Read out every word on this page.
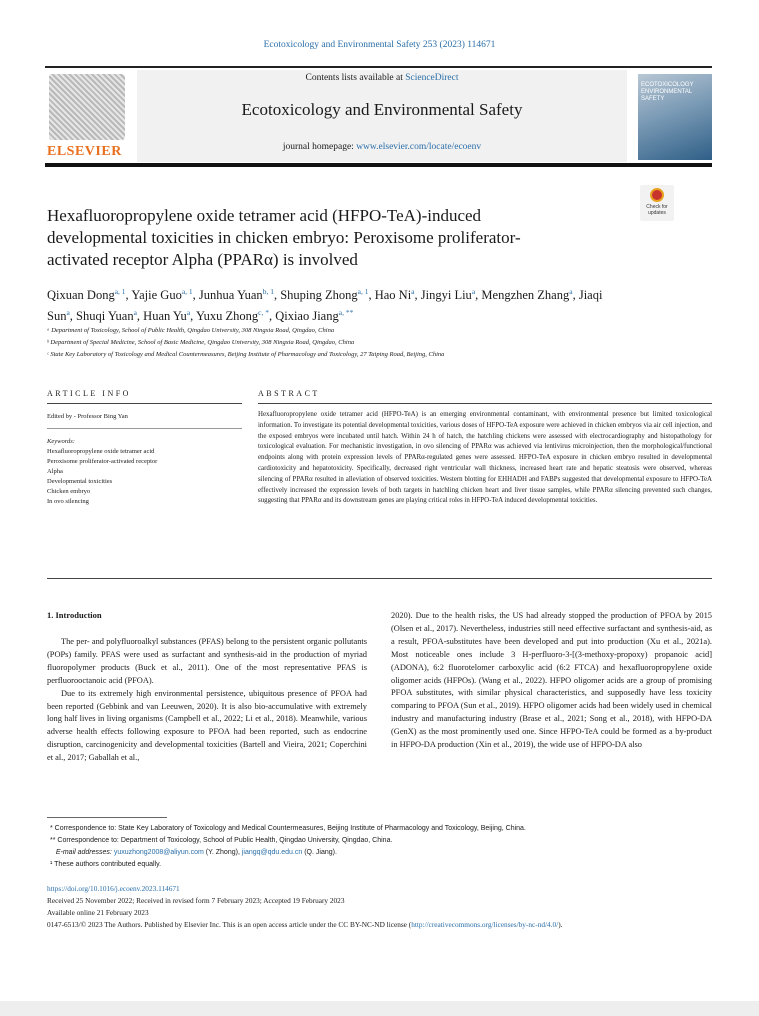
Ecotoxicology and Environmental Safety 253 (2023) 114671
ELSEVIER
Contents lists available at ScienceDirect
Ecotoxicology and Environmental Safety
journal homepage: www.elsevier.com/locate/ecoenv
ECOTOXICOLOGY ENVIRONMENTAL SAFETY
Check for updates
Hexafluoropropylene oxide tetramer acid (HFPO-TeA)-induced developmental toxicities in chicken embryo: Peroxisome proliferator-activated receptor Alpha (PPARα) is involved
Qixuan Dong$^{a, 1}$, Yajie Guo$^{a, 1}$, Junhua Yuan$^{b, 1}$, Shuping Zhong$^{a, 1}$, Hao Ni$^a$, Jingyi Liu$^a$, Mengzhen Zhang$^a$, Jiaqi Sun$^a$, Shuqi Yuan$^a$, Huan Yu$^a$, Yuxu Zhong$^{c, *}$, Qixiao Jiang$^{a, **}$
ᵃ Department of Toxicology, School of Public Health, Qingdao University, 308 Ningxia Road, Qingdao, China
ᵇ Department of Special Medicine, School of Basic Medicine, Qingdao University, 308 Ningxia Road, Qingdao, China
ᶜ State Key Laboratory of Toxicology and Medical Countermeasures, Beijing Institute of Pharmacology and Toxicology, 27 Taiping Road, Beijing, China
ARTICLE INFO	ABSTRACT
Edited by - Professor Bing Yan
Keywords:
Hexafluoropropylene oxide tetramer acid
Peroxisome proliferator-activated receptor
Alpha
Developmental toxicities
Chicken embryo
In ovo silencing
Hexafluoropropylene oxide tetramer acid (HFPO-TeA) is an emerging environmental contaminant, with environmental presence but limited toxicological information. To investigate its potential developmental toxicities, various doses of HFPO-TeA exposure were achieved in chicken embryos via air cell injection, and the exposed embryos were incubated until hatch. Within 24 h of hatch, the hatchling chickens were assessed with electrocardiography and histopathology for toxicological evaluation. For mechanistic investigation, in ovo silencing of PPARα was achieved via lentivirus microinjection, then the morphological/functional endpoints along with protein expression levels of PPARα-regulated genes were assessed. HFPO-TeA exposure in chicken embryo resulted in developmental cardiotoxicity and hepatotoxicity. Specifically, decreased right ventricular wall thickness, increased heart rate and hepatic steatosis were observed, whereas silencing of PPARα resulted in alleviation of observed toxicities. Western blotting for EHHADH and FABPs suggested that developmental exposure to HFPO-TeA effectively increased the expression levels of both targets in hatchling chicken heart and liver tissue samples, while PPARα silencing prevented such changes, suggesting that PPARα and its downstream genes are playing critical roles in HFPO-TeA induced developmental toxicities.
1. Introduction

The per- and polyfluoroalkyl substances (PFAS) belong to the persistent organic pollutants (POPs) family. PFAS were used as surfactant and synthesis-aid in the production of myriad fluoropolymer products (Buck et al., 2011). One of the most representative PFAS is perfluorooctanoic acid (PFOA).

Due to its extremely high environmental persistence, ubiquitous presence of PFOA had been reported (Gebbink and van Leeuwen, 2020). It is also bio-accumulative with extremely long half lives in living organisms (Campbell et al., 2022; Li et al., 2018). Meanwhile, various adverse health effects following exposure to PFOA had been reported, such as endocrine disruption, carcinogenicity and developmental toxicities (Bartell and Vieira, 2021; Coperchini et al., 2017; Gaballah et al.,

2020). Due to the health risks, the US had already stopped the production of PFOA by 2015 (Olsen et al., 2017). Nevertheless, industries still need effective surfactant and synthesis-aid, as a result, PFOA-substitutes have been developed and put into production (Xu et al., 2021a). Most noticeable ones include 3 H-perfluoro-3-[(3-methoxy-propoxy) propanoic acid] (ADONA), 6:2 fluorotelomer carboxylic acid (6:2 FTCA) and hexafluoropropylene oxide oligomer acids (HFPOs). (Wang et al., 2022). HFPO oligomer acids are a group of promising PFOA substitutes, with similar physical characteristics, and supposedly have less toxicity comparing to PFOA (Sun et al., 2019). HFPO oligomer acids had been widely used in chemical industry and manufacturing industry (Brase et al., 2021; Song et al., 2018), with HFPO-DA (GenX) as the most prominently used one. Since HFPO-TeA could be formed as a by-product in HFPO-DA production (Xin et al., 2019), the wide use of HFPO-DA also
* Correspondence to: State Key Laboratory of Toxicology and Medical Countermeasures, Beijing Institute of Pharmacology and Toxicology, Beijing, China.
** Correspondence to: Department of Toxicology, School of Public Health, Qingdao University, Qingdao, China.
E-mail addresses: yuxuzhong2008@aliyun.com (Y. Zhong), jiangq@qdu.edu.cn (Q. Jiang).
¹ These authors contributed equally.
https://doi.org/10.1016/j.ecoenv.2023.114671
Received 25 November 2022; Received in revised form 7 February 2023; Accepted 19 February 2023
Available online 21 February 2023
0147-6513/© 2023 The Authors. Published by Elsevier Inc. This is an open access article under the CC BY-NC-ND license (http://creativecommons.org/licenses/by-nc-nd/4.0/).
